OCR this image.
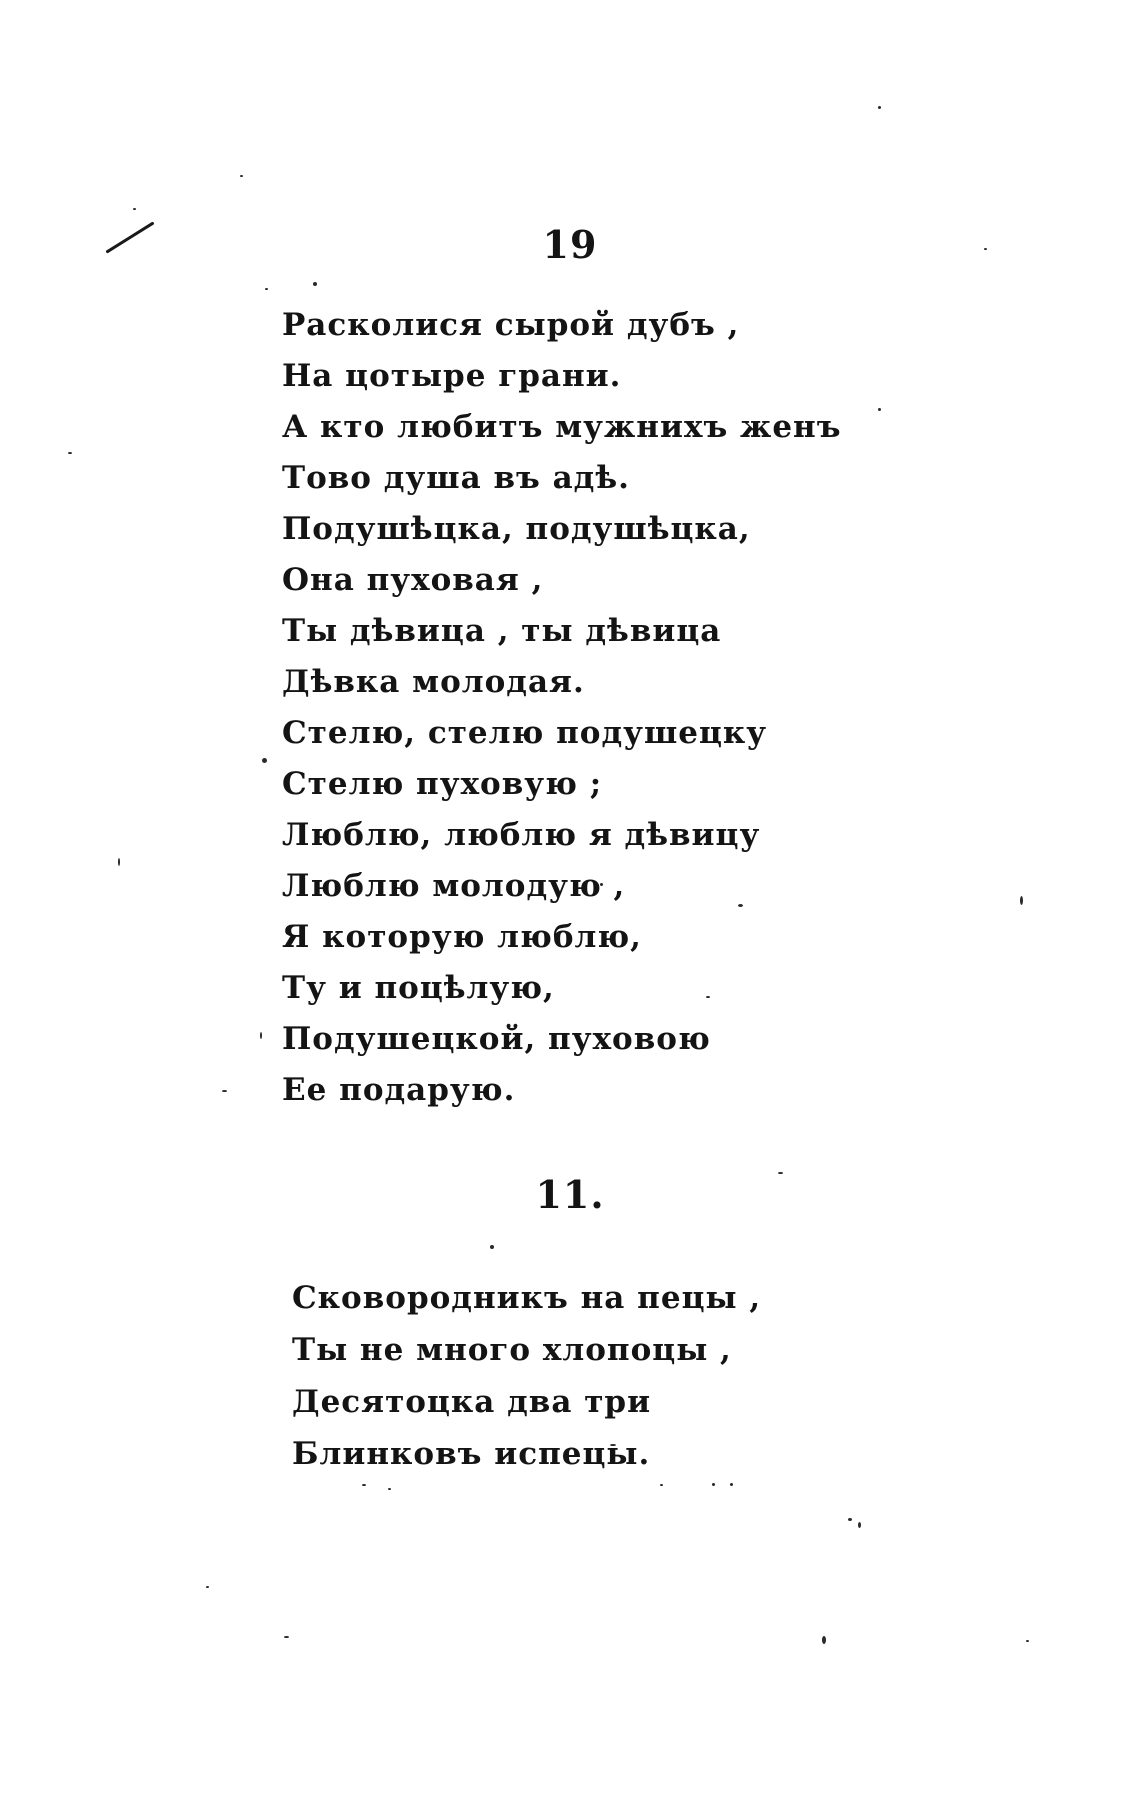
19
Расколися сырой дубъ ,
На цотыре грани.
А кто любитъ мужнихъ женъ
Тово душа въ адѣ.
Подушѣцка, подушѣцка,
Она пуховая ,
Ты дѣвица , ты дѣвица
Дѣвка молодая.
Стелю, стелю подушецку
Стелю пуховую ;
Люблю, люблю я дѣвицу
Люблю молодую ,
Я которую люблю,
Ту и поцѣлую,
Подушецкой, пуховою
Ее подарую.
11.
Сковородникъ на пецы ,
Ты не много хлопоцы ,
Десятоцка два три
Блинковъ испецы.
